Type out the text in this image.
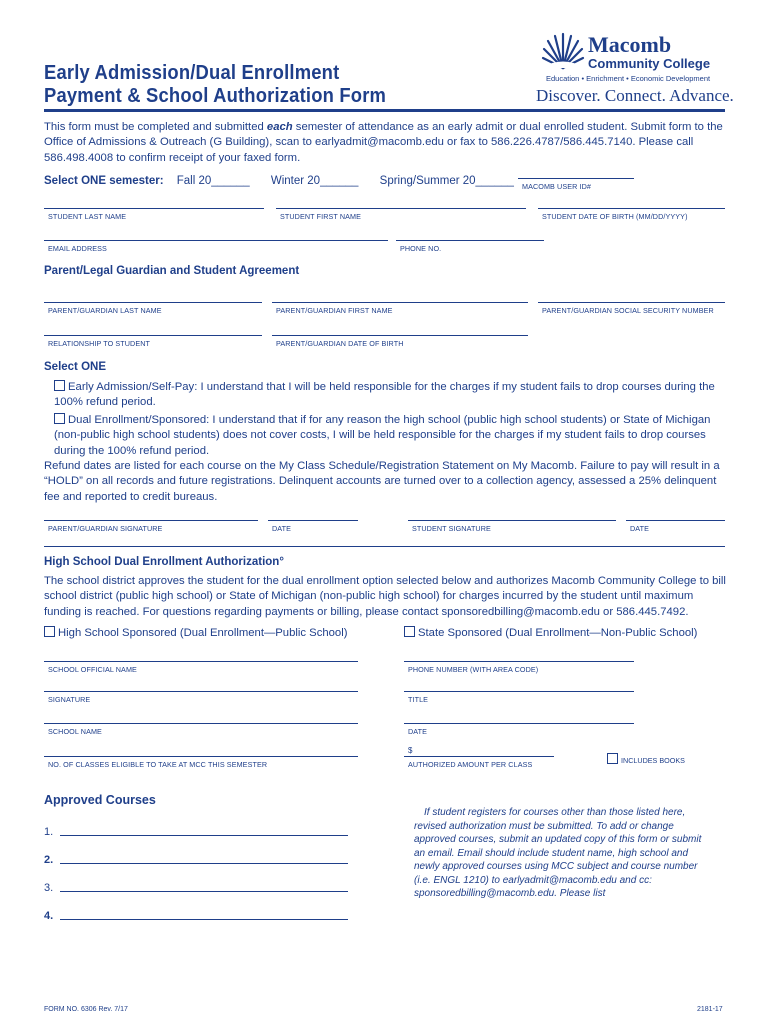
Early Admission/Dual Enrollment
Payment & School Authorization Form
Macomb
Community College
Education • Enrichment • Economic Development
Discover. Connect. Advance.
This form must be completed and submitted each semester of attendance as an early admit or dual enrolled student. Submit form to the Office of Admissions & Outreach (G Building), scan to earlyadmit@macomb.edu or fax to 586.226.4787/586.445.7140. Please call 586.498.4008 to confirm receipt of your faxed form.
Select ONE semester: Fall 20______ Winter 20______ Spring/Summer 20______	MACOMB USER ID#
STUDENT LAST NAME	STUDENT FIRST NAME	STUDENT DATE OF BIRTH (MM/DD/YYYY)
EMAIL ADDRESS	PHONE NO.
Parent/Legal Guardian and Student Agreement
PARENT/GUARDIAN LAST NAME	PARENT/GUARDIAN FIRST NAME	PARENT/GUARDIAN SOCIAL SECURITY NUMBER
RELATIONSHIP TO STUDENT	PARENT/GUARDIAN DATE OF BIRTH
Select ONE
Early Admission/Self-Pay: I understand that I will be held responsible for the charges if my student fails to drop courses during the 100% refund period.
Dual Enrollment/Sponsored: I understand that if for any reason the high school (public high school students) or State of Michigan (non-public high school students) does not cover costs, I will be held responsible for the charges if my student fails to drop courses during the 100% refund period.
Refund dates are listed for each course on the My Class Schedule/Registration Statement on My Macomb. Failure to pay will result in a “HOLD” on all records and future registrations. Delinquent accounts are turned over to a collection agency, assessed a 25% delinquent fee and reported to credit bureaus.
PARENT/GUARDIAN SIGNATURE	DATE	STUDENT SIGNATURE	DATE
High School Dual Enrollment Authorization°
The school district approves the student for the dual enrollment option selected below and authorizes Macomb Community College to bill school district (public high school) or State of Michigan (non-public high school) for charges incurred by the student until maximum funding is reached. For questions regarding payments or billing, please contact sponsoredbilling@macomb.edu or 586.445.7492.
High School Sponsored (Dual Enrollment—Public School)	State Sponsored (Dual Enrollment—Non-Public School)
SCHOOL OFFICIAL NAME	PHONE NUMBER (WITH AREA CODE)
SIGNATURE	TITLE
SCHOOL NAME	DATE
NO. OF CLASSES ELIGIBLE TO TAKE AT MCC THIS SEMESTER
$
AUTHORIZED AMOUNT PER CLASS	INCLUDES BOOKS
Approved Courses
1.
2.
3.
4.
If student registers for courses other than those listed here, revised authorization must be submitted. To add or change approved courses, submit an updated copy of this form or submit an email. Email should include student name, high school and newly approved courses using MCC subject and course number (i.e. ENGL 1210) to earlyadmit@macomb.edu and cc: sponsoredbilling@macomb.edu. Please list
FORM NO. 6306 Rev. 7/17	2181-17
